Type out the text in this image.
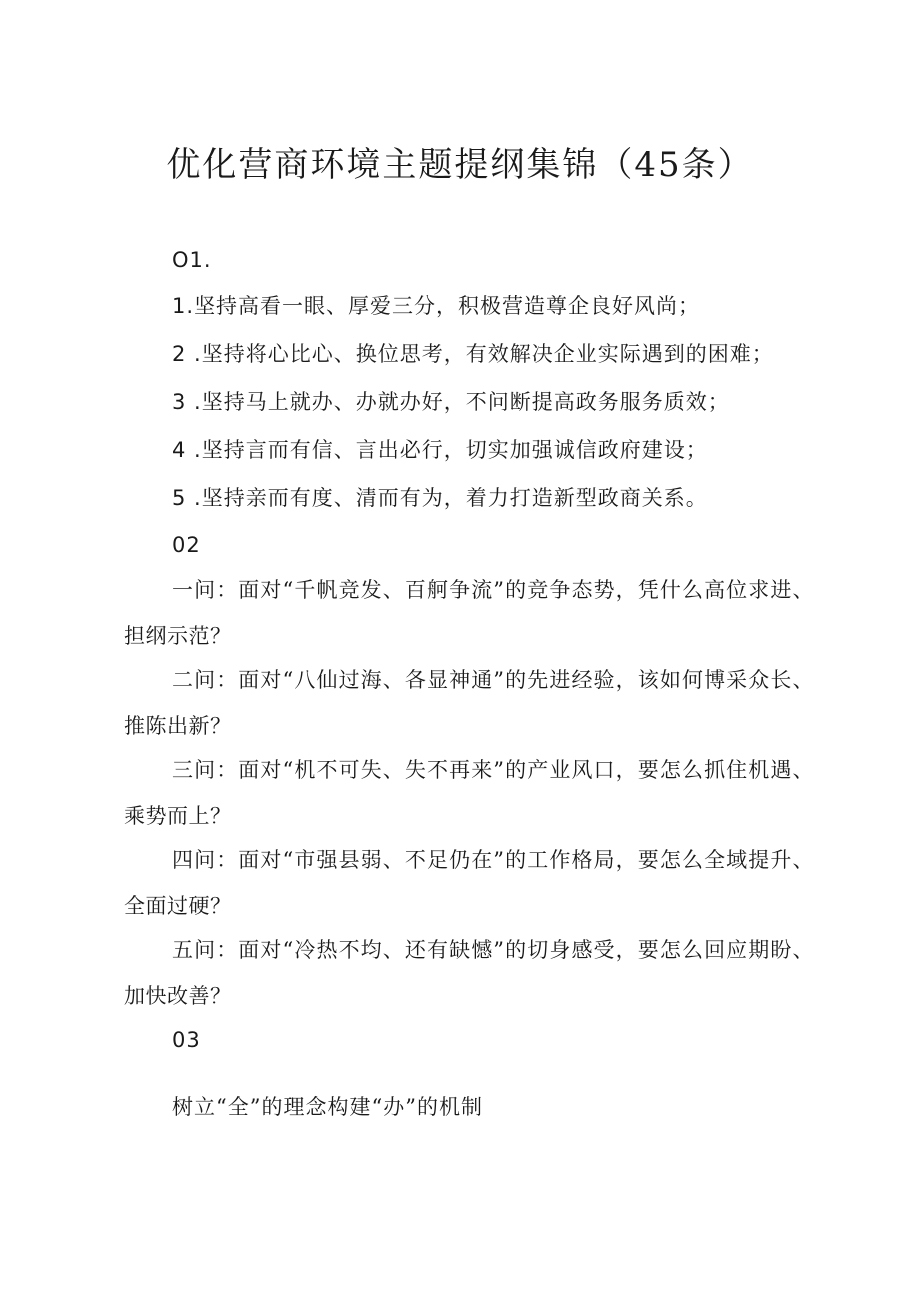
优化营商环境主题提纲集锦（45条）
O1.
1.坚持高看一眼、厚爱三分，积极营造尊企良好风尚；
2 .坚持将心比心、换位思考，有效解决企业实际遇到的困难；
3 .坚持马上就办、办就办好，不问断提高政务服务质效；
4 .坚持言而有信、言出必行，切实加强诚信政府建设；
5 .坚持亲而有度、清而有为，着力打造新型政商关系。
02
一问：面对“千帆竞发、百舸争流”的竞争态势，凭什么高位求进、担纲示范？
二问：面对“八仙过海、各显神通”的先进经验，该如何博采众长、推陈出新？
三问：面对“机不可失、失不再来”的产业风口，要怎么抓住机遇、乘势而上？
四问：面对“市强县弱、不足仍在”的工作格局，要怎么全域提升、全面过硬？
五问：面对“冷热不均、还有缺憾”的切身感受，要怎么回应期盼、加快改善？
03
树立“全”的理念构建“办”的机制
